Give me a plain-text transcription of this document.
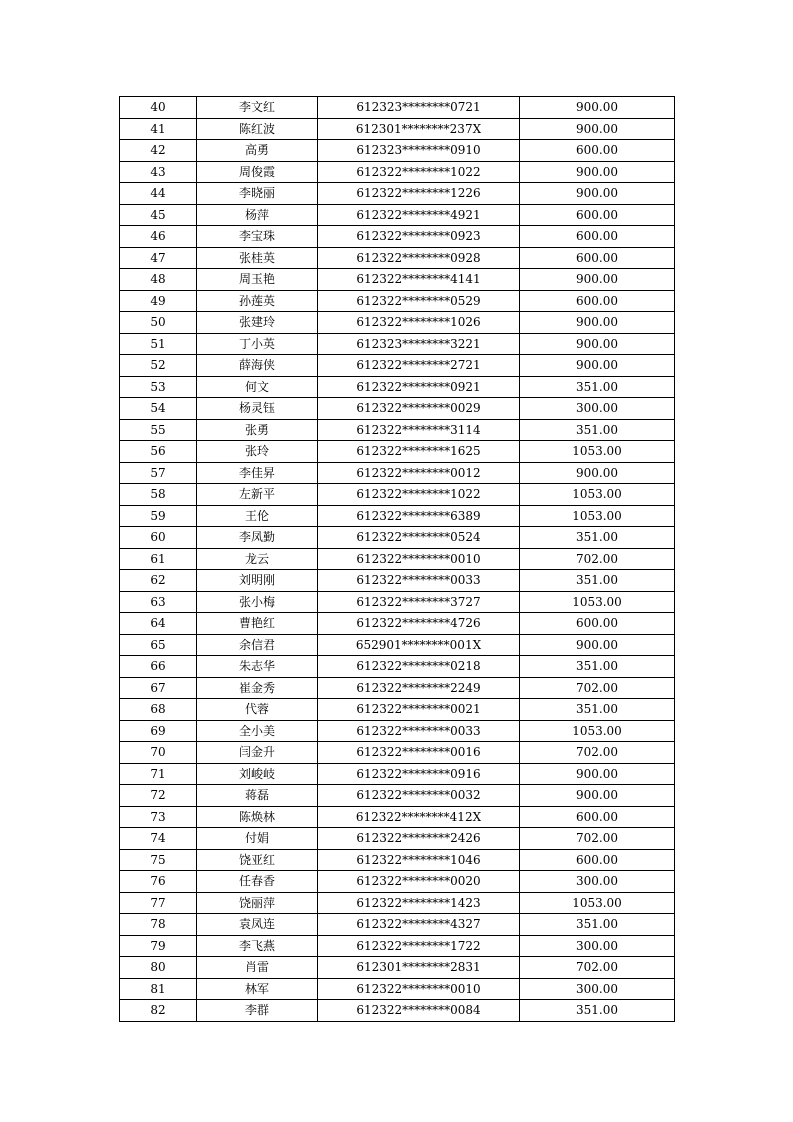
40	李文红	612323********0721	900.00
41	陈红波	612301********237X	900.00
42	高勇	612323********0910	600.00
43	周俊霞	612322********1022	900.00
44	李晓丽	612322********1226	900.00
45	杨萍	612322********4921	600.00
46	李宝珠	612322********0923	600.00
47	张桂英	612322********0928	600.00
48	周玉艳	612322********4141	900.00
49	孙莲英	612322********0529	600.00
50	张建玲	612322********1026	900.00
51	丁小英	612323********3221	900.00
52	薛海侠	612322********2721	900.00
53	何文	612322********0921	351.00
54	杨灵钰	612322********0029	300.00
55	张勇	612322********3114	351.00
56	张玲	612322********1625	1053.00
57	李佳昇	612322********0012	900.00
58	左新平	612322********1022	1053.00
59	王伦	612322********6389	1053.00
60	李凤勤	612322********0524	351.00
61	龙云	612322********0010	702.00
62	刘明刚	612322********0033	351.00
63	张小梅	612322********3727	1053.00
64	曹艳红	612322********4726	600.00
65	余信君	652901********001X	900.00
66	朱志华	612322********0218	351.00
67	崔金秀	612322********2249	702.00
68	代蓉	612322********0021	351.00
69	全小美	612322********0033	1053.00
70	闫金升	612322********0016	702.00
71	刘峻岐	612322********0916	900.00
72	蒋磊	612322********0032	900.00
73	陈焕林	612322********412X	600.00
74	付娟	612322********2426	702.00
75	饶亚红	612322********1046	600.00
76	任春香	612322********0020	300.00
77	饶丽萍	612322********1423	1053.00
78	袁凤连	612322********4327	351.00
79	李飞燕	612322********1722	300.00
80	肖雷	612301********2831	702.00
81	林军	612322********0010	300.00
82	李群	612322********0084	351.00
